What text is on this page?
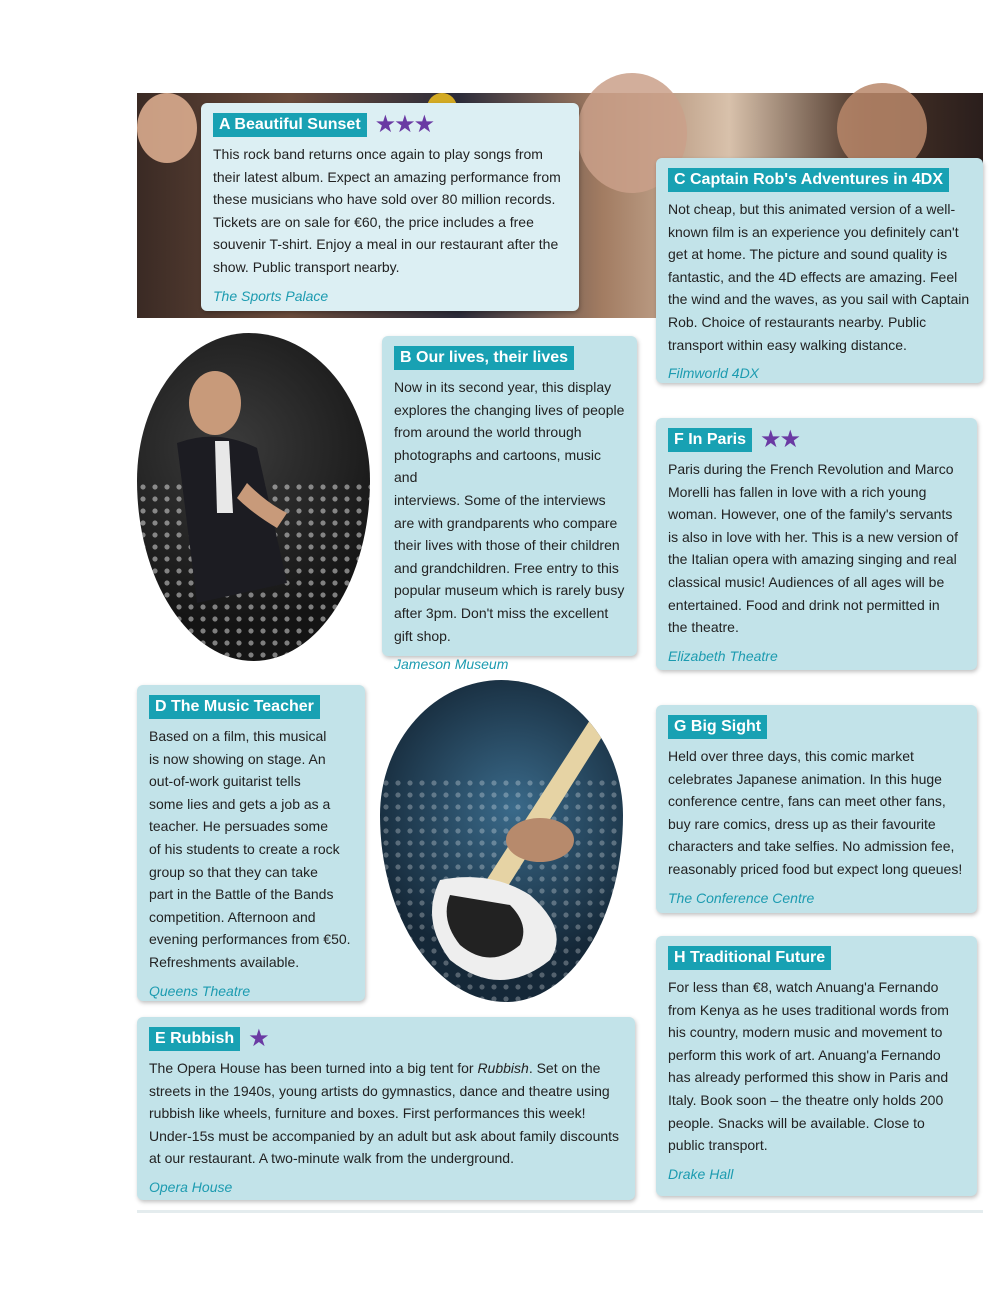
A Beautiful Sunset ★★★
This rock band returns once again to play songs from
their latest album. Expect an amazing performance from
these musicians who have sold over 80 million records.
Tickets are on sale for €60, the price includes a free
souvenir T-shirt. Enjoy a meal in our restaurant after the
show. Public transport nearby.
The Sports Palace
C Captain Rob's Adventures in 4DX
Not cheap, but this animated version of a well-
known film is an experience you definitely can't
get at home. The picture and sound quality is
fantastic, and the 4D effects are amazing. Feel
the wind and the waves, as you sail with Captain
Rob. Choice of restaurants nearby. Public
transport within easy walking distance.
Filmworld 4DX
B Our lives, their lives
Now in its second year, this display
explores the changing lives of people
from around the world through
photographs and cartoons, music and
interviews. Some of the interviews
are with grandparents who compare
their lives with those of their children
and grandchildren. Free entry to this
popular museum which is rarely busy
after 3pm. Don't miss the excellent
gift shop.
Jameson Museum
F In Paris ★★
Paris during the French Revolution and Marco
Morelli has fallen in love with a rich young
woman. However, one of the family's servants
is also in love with her. This is a new version of
the Italian opera with amazing singing and real
classical music! Audiences of all ages will be
entertained. Food and drink not permitted in
the theatre.
Elizabeth Theatre
D The Music Teacher
Based on a film, this musical
is now showing on stage. An
out-of-work guitarist tells
some lies and gets a job as a
teacher. He persuades some
of his students to create a rock
group so that they can take
part in the Battle of the Bands
competition. Afternoon and
evening performances from €50.
Refreshments available.
Queens Theatre
G Big Sight
Held over three days, this comic market
celebrates Japanese animation. In this huge
conference centre, fans can meet other fans,
buy rare comics, dress up as their favourite
characters and take selfies. No admission fee,
reasonably priced food but expect long queues!
The Conference Centre
H Traditional Future
For less than €8, watch Anuang'a Fernando
from Kenya as he uses traditional words from
his country, modern music and movement to
perform this work of art. Anuang'a Fernando
has already performed this show in Paris and
Italy. Book soon – the theatre only holds 200
people. Snacks will be available. Close to
public transport.
Drake Hall
E Rubbish ★
The Opera House has been turned into a big tent for Rubbish. Set on the
streets in the 1940s, young artists do gymnastics, dance and theatre using
rubbish like wheels, furniture and boxes. First performances this week!
Under-15s must be accompanied by an adult but ask about family discounts
at our restaurant. A two-minute walk from the underground.
Opera House
